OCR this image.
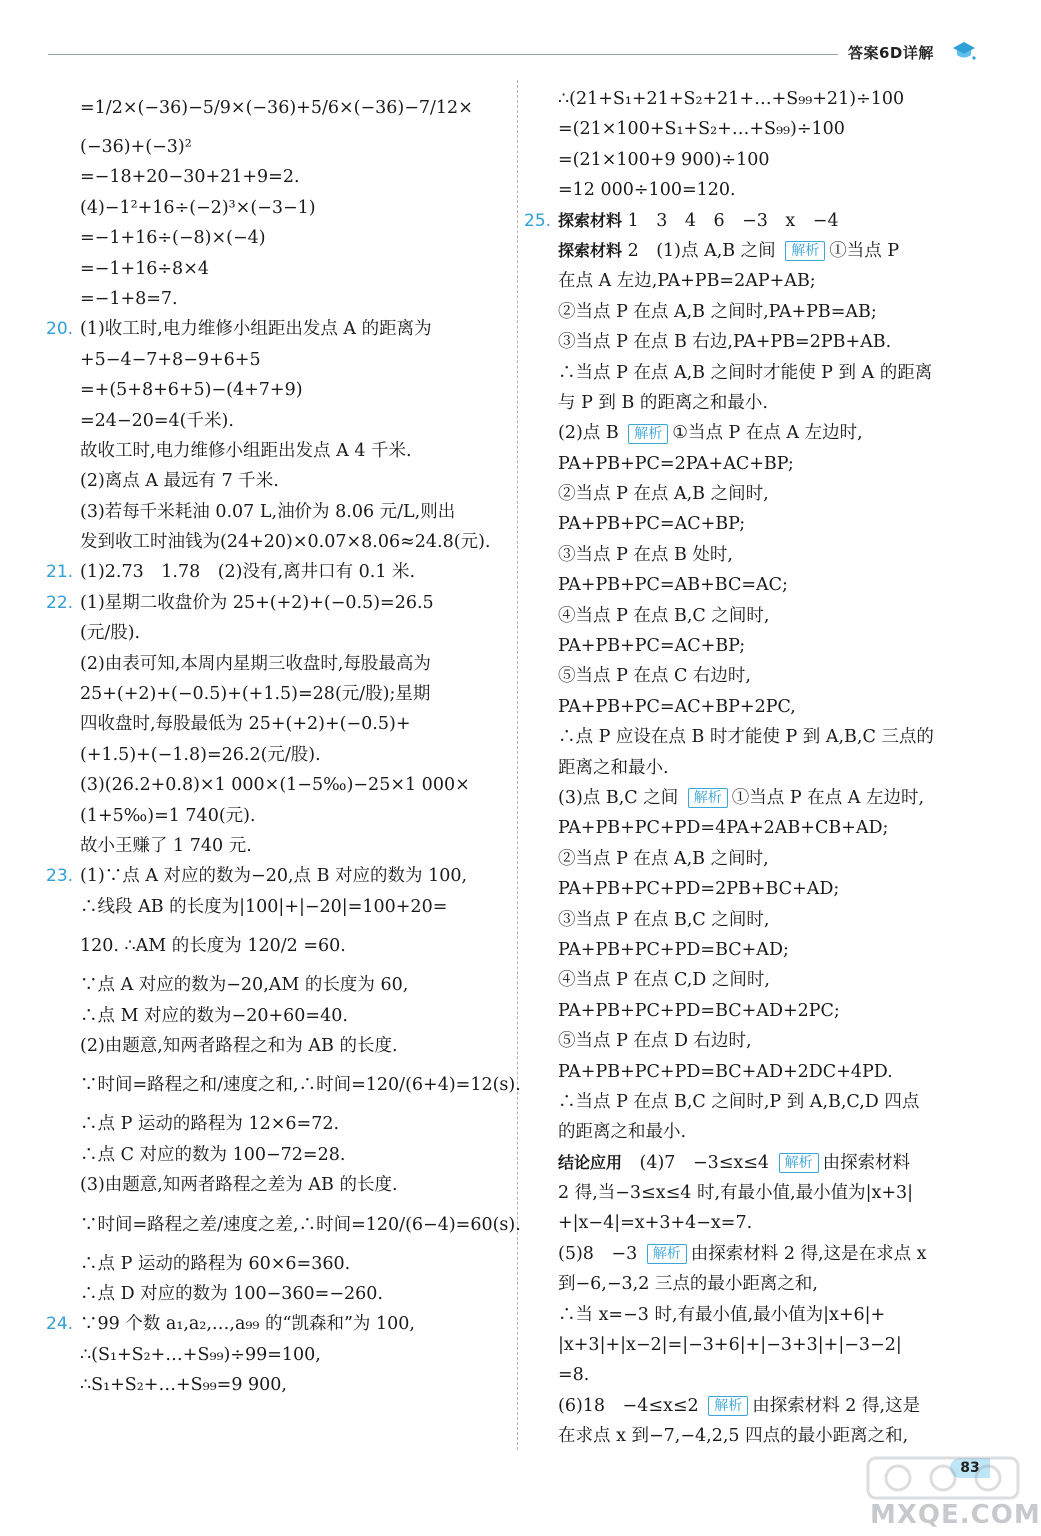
答案6D详解
=1/2×(−36)−5/9×(−36)+5/6×(−36)−7/12×
(−36)+(−3)²
=−18+20−30+21+9=2.
(4)−1²+16÷(−2)³×(−3−1)
=−1+16÷(−8)×(−4)
=−1+16÷8×4
=−1+8=7.
20. (1)收工时,电力维修小组距出发点 A 的距离为
+5−4−7+8−9+6+5
=+(5+8+6+5)−(4+7+9)
=24−20=4(千米).
故收工时,电力维修小组距出发点 A 4 千米.
(2)离点 A 最远有 7 千米.
(3)若每千米耗油 0.07 L,油价为 8.06 元/L,则出
发到收工时油钱为(24+20)×0.07×8.06≈24.8(元).
21. (1)2.73　1.78　(2)没有,离井口有 0.1 米.
22. (1)星期二收盘价为 25+(+2)+(−0.5)=26.5
(元/股).
(2)由表可知,本周内星期三收盘时,每股最高为
25+(+2)+(−0.5)+(+1.5)=28(元/股);星期
四收盘时,每股最低为 25+(+2)+(−0.5)+
(+1.5)+(−1.8)=26.2(元/股).
(3)(26.2+0.8)×1 000×(1−5‰)−25×1 000×
(1+5‰)=1 740(元).
故小王赚了 1 740 元.
23. (1)∵点 A 对应的数为−20,点 B 对应的数为 100,
∴线段 AB 的长度为|100|+|−20|=100+20=
120. ∴AM 的长度为 120/2 =60.
∵点 A 对应的数为−20,AM 的长度为 60,
∴点 M 对应的数为−20+60=40.
(2)由题意,知两者路程之和为 AB 的长度.
∵时间=路程之和/速度之和,∴时间=120/(6+4)=12(s).
∴点 P 运动的路程为 12×6=72.
∴点 C 对应的数为 100−72=28.
(3)由题意,知两者路程之差为 AB 的长度.
∵时间=路程之差/速度之差,∴时间=120/(6−4)=60(s).
∴点 P 运动的路程为 60×6=360.
∴点 D 对应的数为 100−360=−260.
24. ∵99 个数 a₁,a₂,…,a₉₉ 的“凯森和”为 100,
∴(S₁+S₂+…+S₉₉)÷99=100,
∴S₁+S₂+…+S₉₉=9 900,
∴(21+S₁+21+S₂+21+…+S₉₉+21)÷100
=(21×100+S₁+S₂+…+S₉₉)÷100
=(21×100+9 900)÷100
=12 000÷100=120.
25. 探索材料 1　3　4　6　−3　x　−4
探索材料 2　(1)点 A,B 之间 解析 ①当点 P
在点 A 左边,PA+PB=2AP+AB;
②当点 P 在点 A,B 之间时,PA+PB=AB;
③当点 P 在点 B 右边,PA+PB=2PB+AB.
∴当点 P 在点 A,B 之间时才能使 P 到 A 的距离
与 P 到 B 的距离之和最小.
(2)点 B 解析 ①当点 P 在点 A 左边时,
PA+PB+PC=2PA+AC+BP;
②当点 P 在点 A,B 之间时,
PA+PB+PC=AC+BP;
③当点 P 在点 B 处时,
PA+PB+PC=AB+BC=AC;
④当点 P 在点 B,C 之间时,
PA+PB+PC=AC+BP;
⑤当点 P 在点 C 右边时,
PA+PB+PC=AC+BP+2PC,
∴点 P 应设在点 B 时才能使 P 到 A,B,C 三点的
距离之和最小.
(3)点 B,C 之间 解析 ①当点 P 在点 A 左边时,
PA+PB+PC+PD=4PA+2AB+CB+AD;
②当点 P 在点 A,B 之间时,
PA+PB+PC+PD=2PB+BC+AD;
③当点 P 在点 B,C 之间时,
PA+PB+PC+PD=BC+AD;
④当点 P 在点 C,D 之间时,
PA+PB+PC+PD=BC+AD+2PC;
⑤当点 P 在点 D 右边时,
PA+PB+PC+PD=BC+AD+2DC+4PD.
∴当点 P 在点 B,C 之间时,P 到 A,B,C,D 四点
的距离之和最小.
结论应用　(4)7　−3≤x≤4 解析 由探索材料
2 得,当−3≤x≤4 时,有最小值,最小值为|x+3|
+|x−4|=x+3+4−x=7.
(5)8　−3 解析 由探索材料 2 得,这是在求点 x
到−6,−3,2 三点的最小距离之和,
∴当 x=−3 时,有最小值,最小值为|x+6|+
|x+3|+|x−2|=|−3+6|+|−3+3|+|−3−2|
=8.
(6)18　−4≤x≤2 解析 由探索材料 2 得,这是
在求点 x 到−7,−4,2,5 四点的最小距离之和,
83
MXQE.COM
